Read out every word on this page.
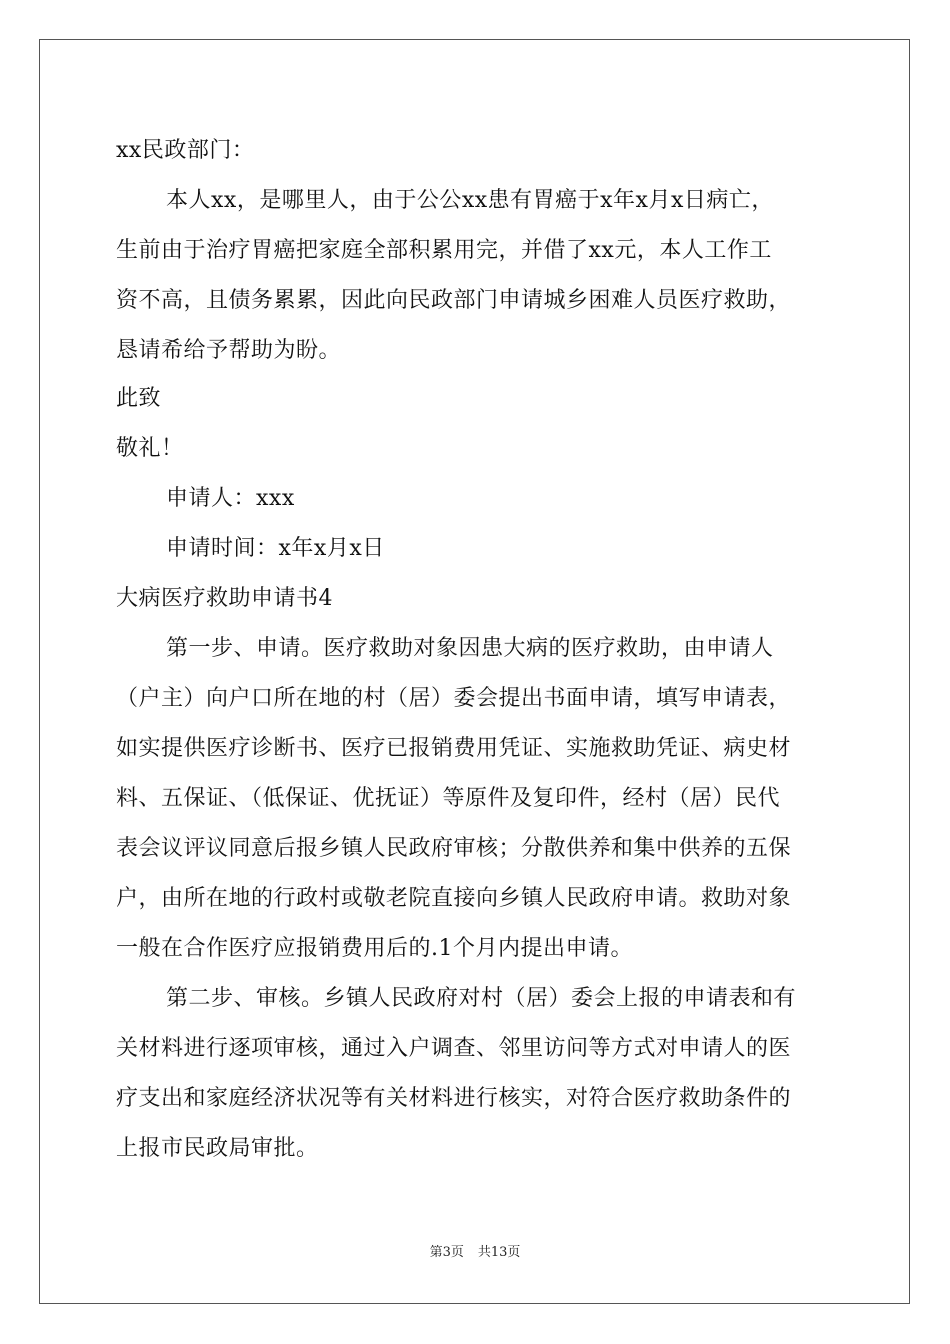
xx民政部门：
本人xx，是哪里人，由于公公xx患有胃癌于x年x月x日病亡，
生前由于治疗胃癌把家庭全部积累用完，并借了xx元，本人工作工
资不高，且债务累累，因此向民政部门申请城乡困难人员医疗救助，
恳请希给予帮助为盼。
此致
敬礼！
申请人：xxx
申请时间：x年x月x日
大病医疗救助申请书4
第一步、申请。医疗救助对象因患大病的医疗救助，由申请人
（户主）向户口所在地的村（居）委会提出书面申请，填写申请表，
如实提供医疗诊断书、医疗已报销费用凭证、实施救助凭证、病史材
料、五保证、（低保证、优抚证）等原件及复印件，经村（居）民代
表会议评议同意后报乡镇人民政府审核；分散供养和集中供养的五保
户，由所在地的行政村或敬老院直接向乡镇人民政府申请。救助对象
一般在合作医疗应报销费用后的.1个月内提出申请。
第二步、审核。乡镇人民政府对村（居）委会上报的申请表和有
关材料进行逐项审核，通过入户调查、邻里访问等方式对申请人的医
疗支出和家庭经济状况等有关材料进行核实，对符合医疗救助条件的
上报市民政局审批。
第3页 共13页
